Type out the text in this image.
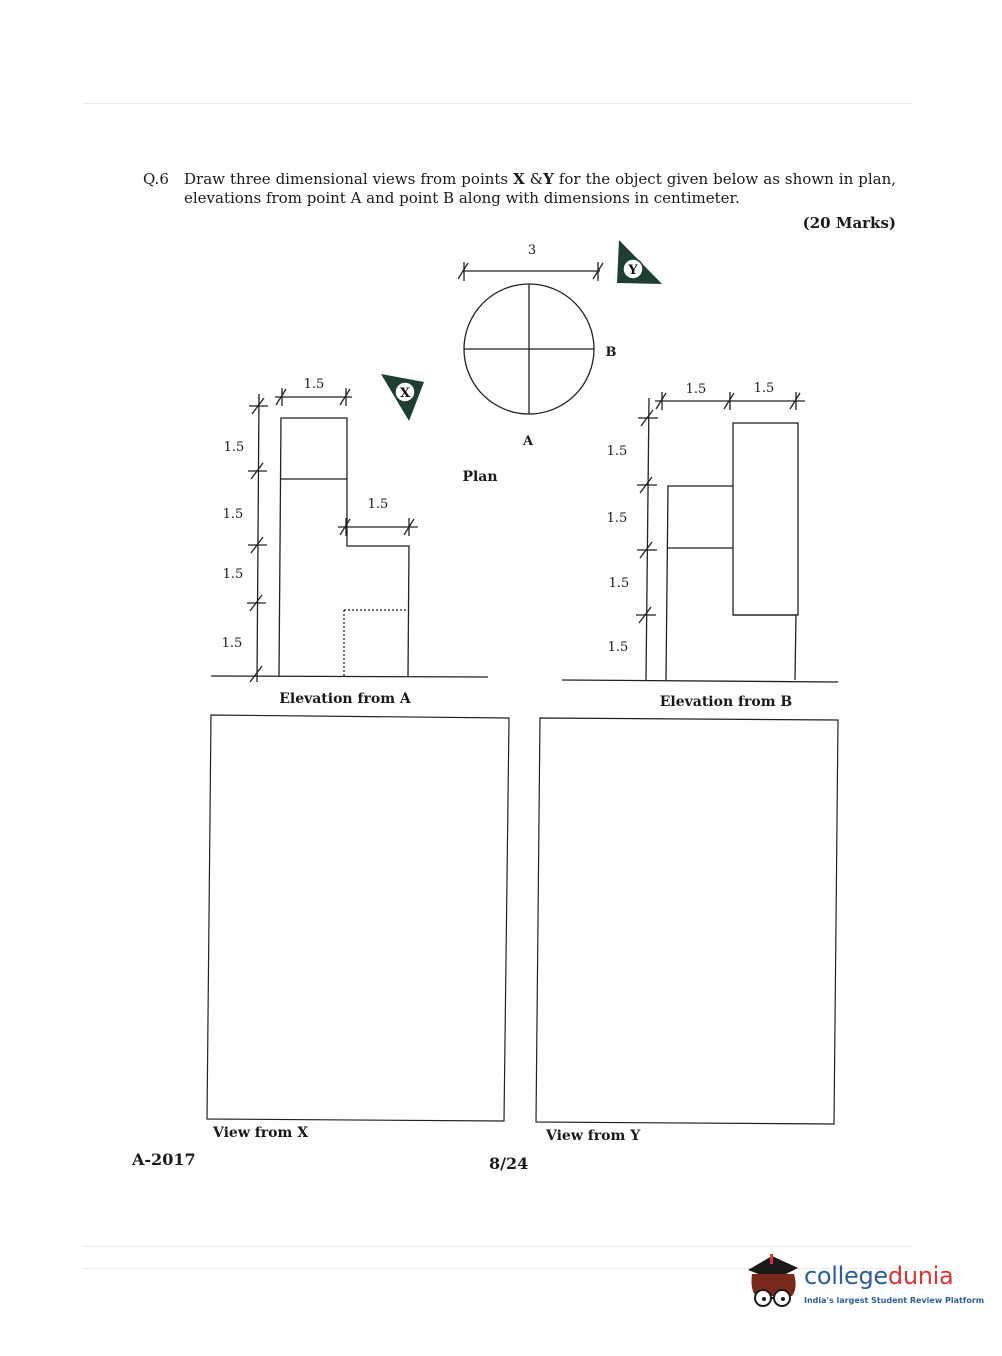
Q.6 Draw three dimensional views from points X &Y for the object given below as shown in plan, elevations from point A and point B along with dimensions in centimeter.
(20 Marks)
X
Y
3
B
A
Plan
1.5
1.5
1.5
1.5
1.5
1.5
Elevation from A
1.5	1.5
1.5
1.5
1.5
1.5
Elevation from B
View from X	View from Y
A-2017	8/24
collegedunia
India's largest Student Review Platform
